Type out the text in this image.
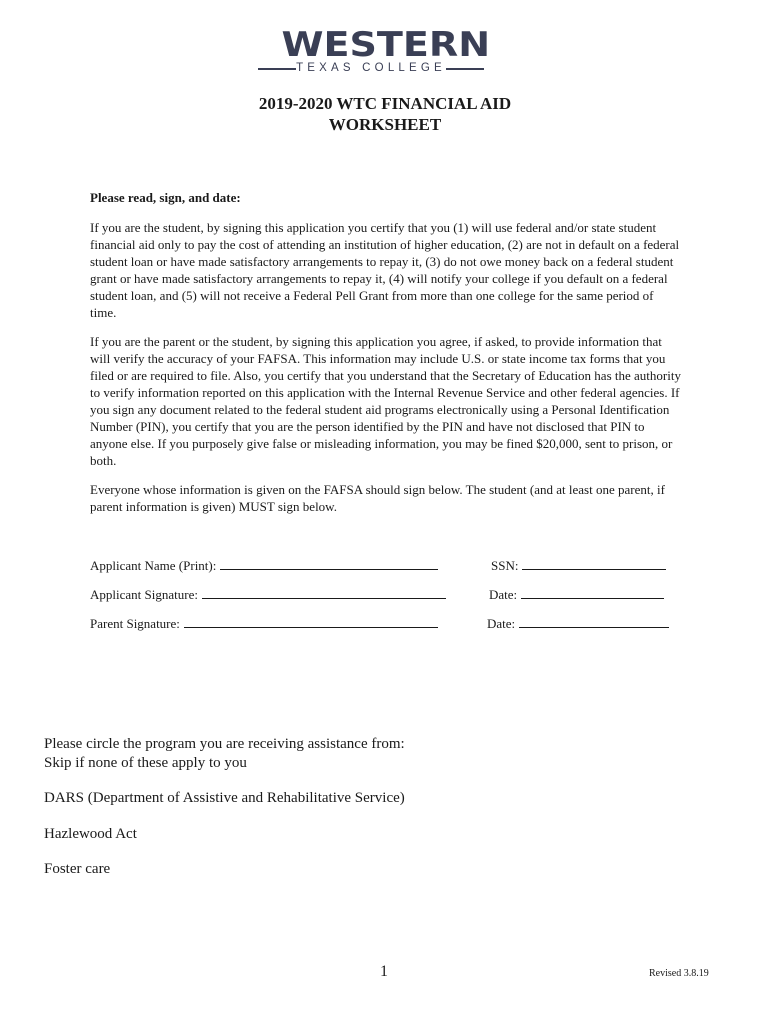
WESTERN
TEXAS COLLEGE
2019-2020 WTC FINANCIAL AID
WORKSHEET
Please read, sign, and date:
If you are the student, by signing this application you certify that you (1) will use federal and/or state student financial aid only to pay the cost of attending an institution of higher education, (2) are not in default on a federal student loan or have made satisfactory arrangements to repay it, (3) do not owe money back on a federal student grant or have made satisfactory arrangements to repay it, (4) will notify your college if you default on a federal student loan, and (5) will not receive a Federal Pell Grant from more than one college for the same period of time.
If you are the parent or the student, by signing this application you agree, if asked, to provide information that will verify the accuracy of your FAFSA. This information may include U.S. or state income tax forms that you filed or are required to file. Also, you certify that you understand that the Secretary of Education has the authority to verify information reported on this application with the Internal Revenue Service and other federal agencies. If you sign any document related to the federal student aid programs electronically using a Personal Identification Number (PIN), you certify that you are the person identified by the PIN and have not disclosed that PIN to anyone else. If you purposely give false or misleading information, you may be fined $20,000, sent to prison, or both.
Everyone whose information is given on the FAFSA should sign below. The student (and at least one parent, if parent information is given) MUST sign below.
Applicant Name (Print):	SSN:
Applicant Signature:	Date:
Parent Signature:	Date:
Please circle the program you are receiving assistance from:
Skip if none of these apply to you
DARS (Department of Assistive and Rehabilitative Service)
Hazlewood Act
Foster care
1	Revised 3.8.19
